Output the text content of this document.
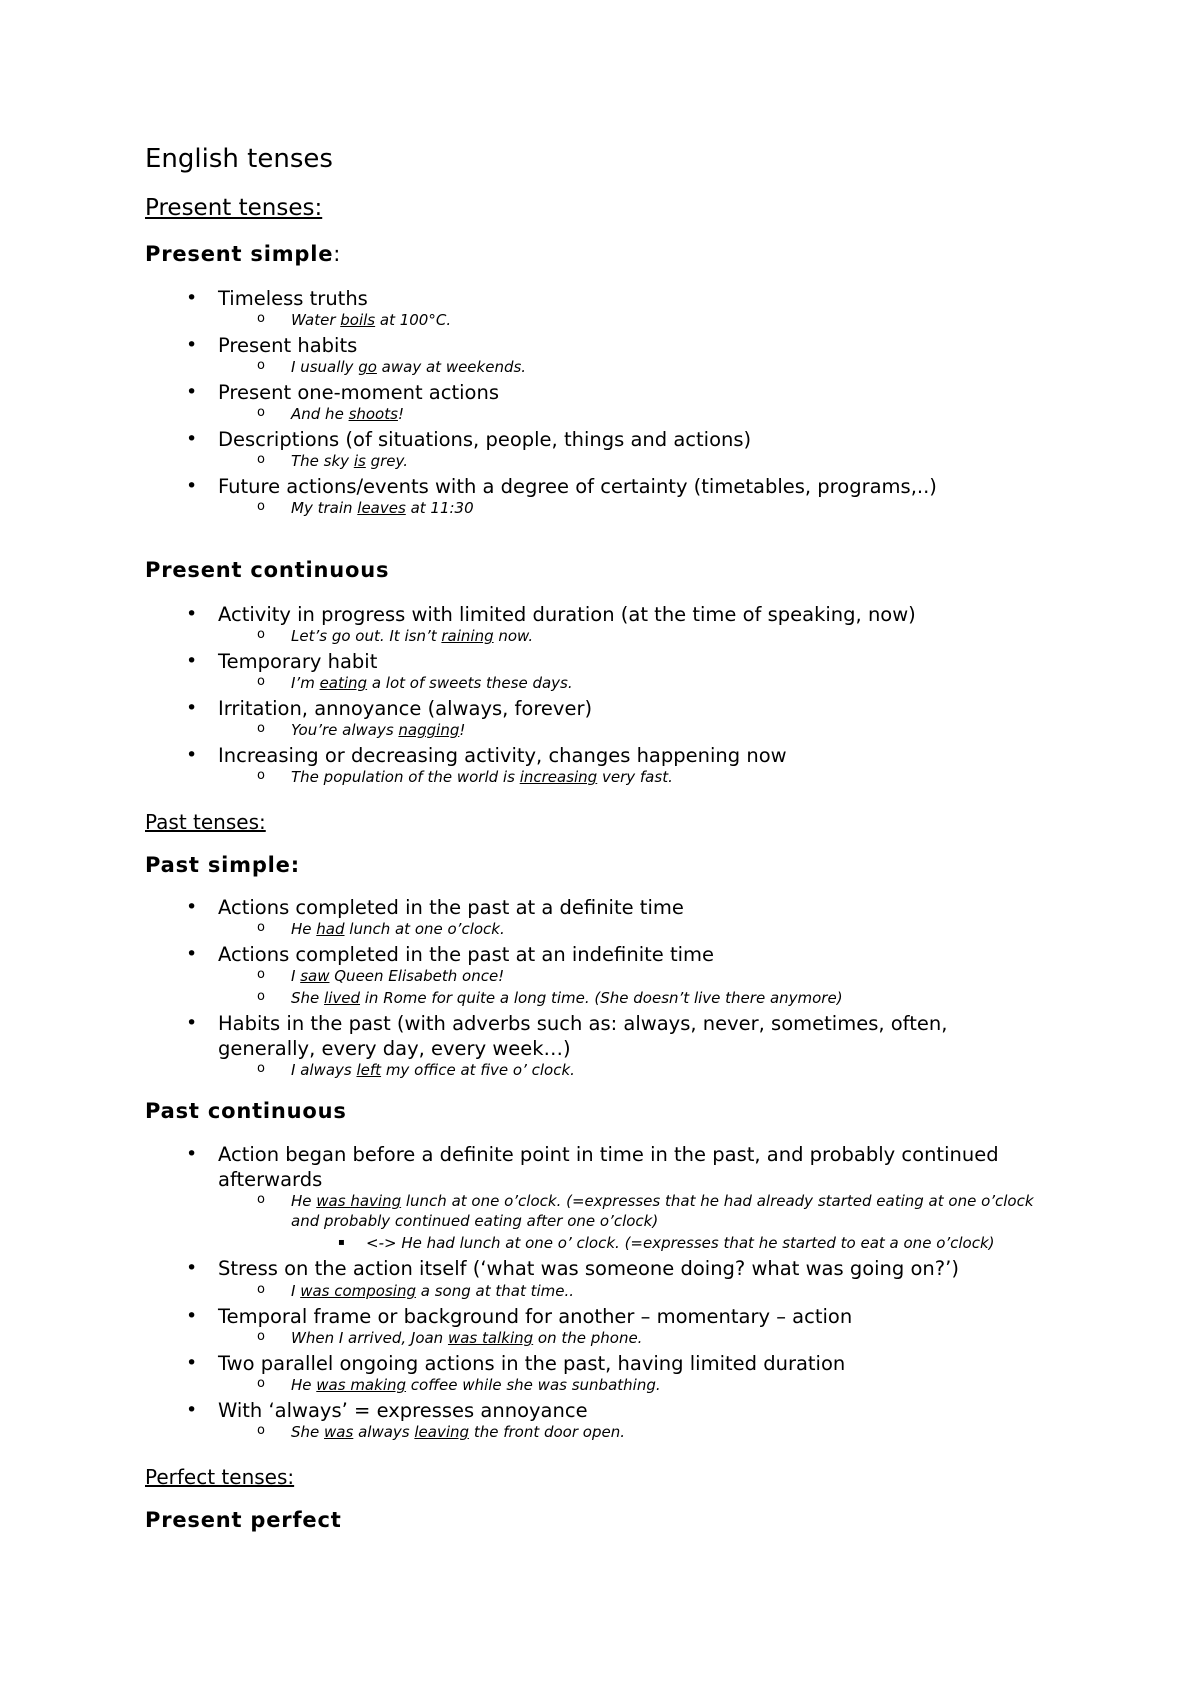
English tenses
Present tenses:
Present simple:
• Timeless truths
o Water boils at 100°C.
• Present habits
o I usually go away at weekends.
• Present one-moment actions
o And he shoots!
• Descriptions (of situations, people, things and actions)
o The sky is grey.
• Future actions/events with a degree of certainty (timetables, programs,..)
o My train leaves at 11:30
Present continuous
• Activity in progress with limited duration (at the time of speaking, now)
o Let’s go out. It isn’t raining now.
• Temporary habit
o I’m eating a lot of sweets these days.
• Irritation, annoyance (always, forever)
o You’re always nagging!
• Increasing or decreasing activity, changes happening now
o The population of the world is increasing very fast.
Past tenses:
Past simple:
• Actions completed in the past at a definite time
o He had lunch at one o’clock.
• Actions completed in the past at an indefinite time
o I saw Queen Elisabeth once!
o She lived in Rome for quite a long time. (She doesn’t live there anymore)
• Habits in the past (with adverbs such as: always, never, sometimes, often, generally, every day, every week…)
o I always left my office at five o’ clock.
Past continuous
• Action began before a definite point in time in the past, and probably continued afterwards
o He was having lunch at one o’clock. (=expresses that he had already started eating at one o’clock and probably continued eating after one o’clock)
▪ <-> He had lunch at one o’ clock. (=expresses that he started to eat a one o’clock)
• Stress on the action itself (‘what was someone doing? what was going on?’)
o I was composing a song at that time..
• Temporal frame or background for another – momentary – action
o When I arrived, Joan was talking on the phone.
• Two parallel ongoing actions in the past, having limited duration
o He was making coffee while she was sunbathing.
• With ‘always’ = expresses annoyance
o She was always leaving the front door open.
Perfect tenses:
Present perfect
